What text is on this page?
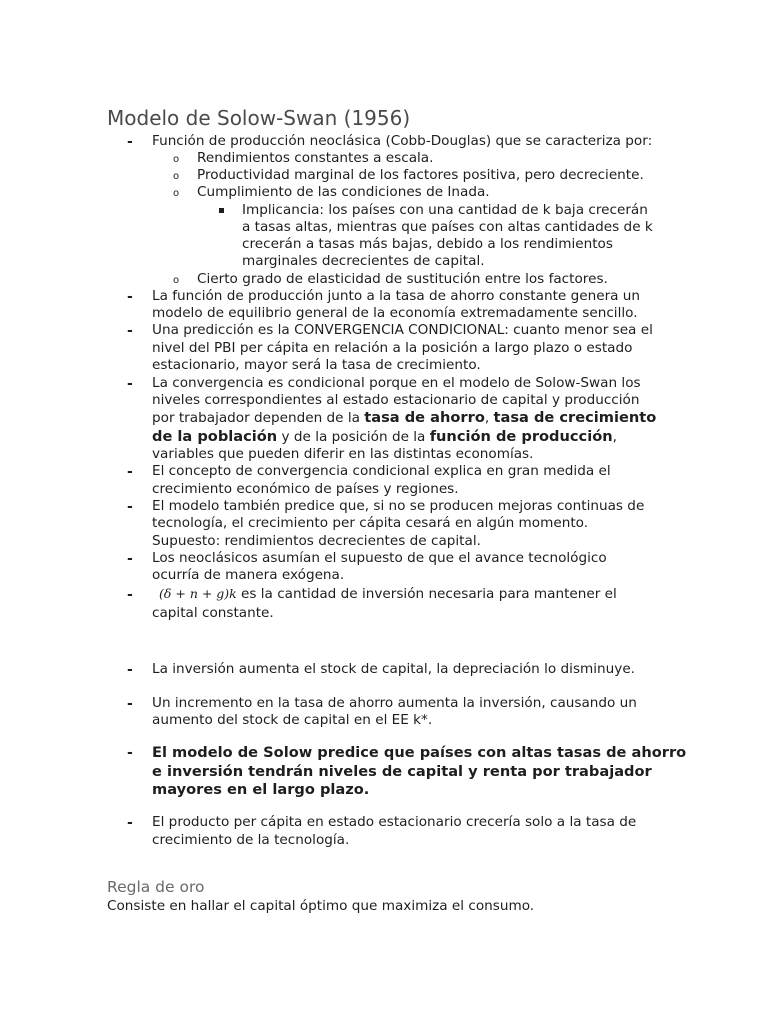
Modelo de Solow-Swan (1956)
- Función de producción neoclásica (Cobb-Douglas) que se caracteriza por:
o Rendimientos constantes a escala.
o Productividad marginal de los factores positiva, pero decreciente.
o Cumplimiento de las condiciones de Inada.
Implicancia: los países con una cantidad de k baja crecerán
a tasas altas, mientras que países con altas cantidades de k
crecerán a tasas más bajas, debido a los rendimientos
marginales decrecientes de capital.
o Cierto grado de elasticidad de sustitución entre los factores.
- La función de producción junto a la tasa de ahorro constante genera un
modelo de equilibrio general de la economía extremadamente sencillo.
- Una predicción es la CONVERGENCIA CONDICIONAL: cuanto menor sea el
nivel del PBI per cápita en relación a la posición a largo plazo o estado
estacionario, mayor será la tasa de crecimiento.
- La convergencia es condicional porque en el modelo de Solow-Swan los
niveles correspondientes al estado estacionario de capital y producción
por trabajador dependen de la tasa de ahorro, tasa de crecimiento
de la población y de la posición de la función de producción,
variables que pueden diferir en las distintas economías.
- El concepto de convergencia condicional explica en gran medida el
crecimiento económico de países y regiones.
- El modelo también predice que, si no se producen mejoras continuas de
tecnología, el crecimiento per cápita cesará en algún momento.
Supuesto: rendimientos decrecientes de capital.
- Los neoclásicos asumían el supuesto de que el avance tecnológico
ocurría de manera exógena.
- (δ + n + g)k es la cantidad de inversión necesaria para mantener el
capital constante.
- La inversión aumenta el stock de capital, la depreciación lo disminuye.
- Un incremento en la tasa de ahorro aumenta la inversión, causando un
aumento del stock de capital en el EE k*.
- El modelo de Solow predice que países con altas tasas de ahorro
e inversión tendrán niveles de capital y renta por trabajador
mayores en el largo plazo.
- El producto per cápita en estado estacionario crecería solo a la tasa de
crecimiento de la tecnología.
Regla de oro
Consiste en hallar el capital óptimo que maximiza el consumo.
